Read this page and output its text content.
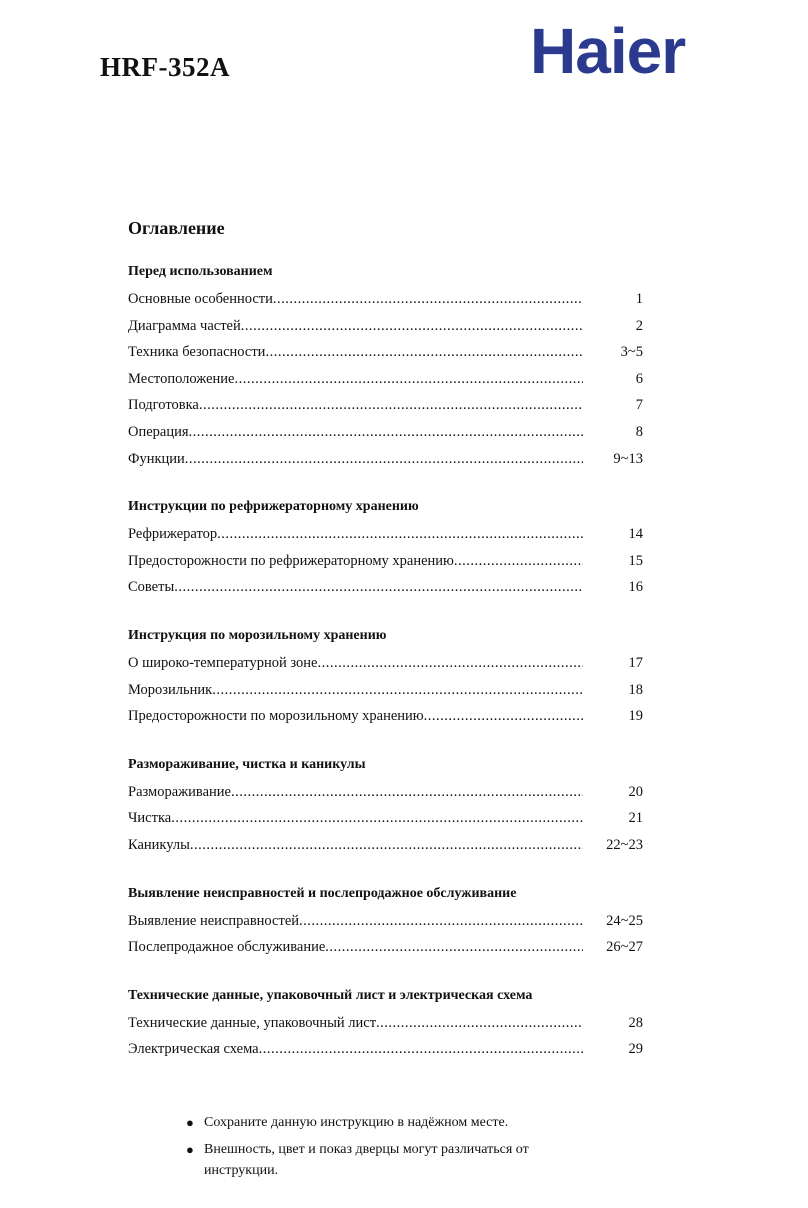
HRF-352A	Haier
Оглавление
Перед использованием
Основные особенности .....	1
Диаграмма частей .....	2
Техника безопасности .....	3~5
Местоположение .....	6
Подготовка .....	7
Операция .....	8
Функции .....	9~13
Инструкции по рефрижераторному хранению
Рефрижератор .....	14
Предосторожности по рефрижераторному хранению .....	15
Советы .....	16
Инструкция по морозильному хранению
О широко-температурной зоне .....	17
Морозильник .....	18
Предосторожности по морозильному хранению .....	19
Размораживание, чистка и каникулы
Размораживание .....	20
Чистка .....	21
Каникулы .....	22~23
Выявление неисправностей и послепродажное обслуживание
Выявление неисправностей .....	24~25
Послепродажное обслуживание .....	26~27
Технические данные, упаковочный лист и электрическая схема
Технические данные, упаковочный лист .....	28
Электрическая схема .....	29
● Сохраните данную инструкцию в надёжном месте.
● Внешность, цвет и показ дверцы могут различаться от инструкции.
